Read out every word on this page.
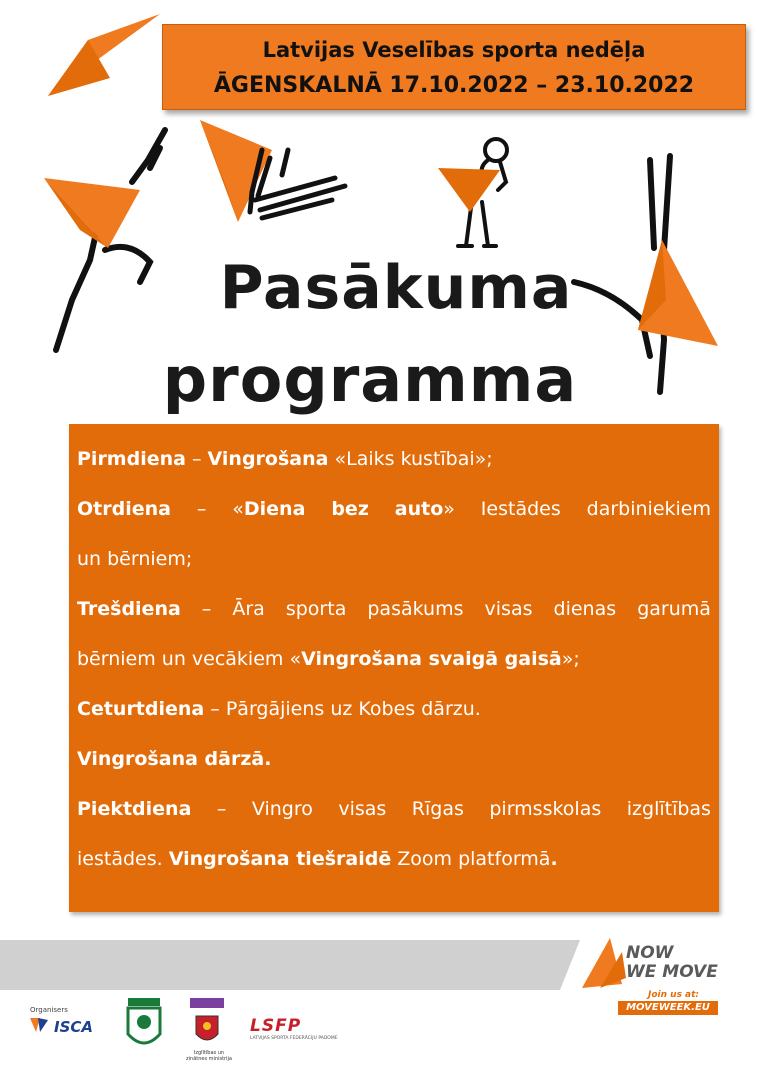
Latvijas Veselības sporta nedēļa
ĀGENSKALNĀ 17.10.2022 – 23.10.2022
Pasākuma
programma
Pirmdiena – Vingrošana «Laiks kustībai»;
Otrdiena – «Diena bez auto» Iestādes darbiniekiem
un bērniem;
Trešdiena – Āra sporta pasākums visas dienas garumā
bērniem un vecākiem «Vingrošana svaigā gaisā»;
Ceturtdiena – Pārgājiens uz Kobes dārzu.
Vingrošana dārzā.
Piektdiena – Vingro visas Rīgas pirmsskolas izglītības
iestādes. Vingrošana tiešraidē Zoom platformā.
NOW
WE MOVE
Join us at:
MOVEWEEK.EU
Organisers
ISCA
Izglītības un zinātnes ministrija
LSFP
LATVIJAS SPORTA FEDERĀCIJU PADOME
LISA
